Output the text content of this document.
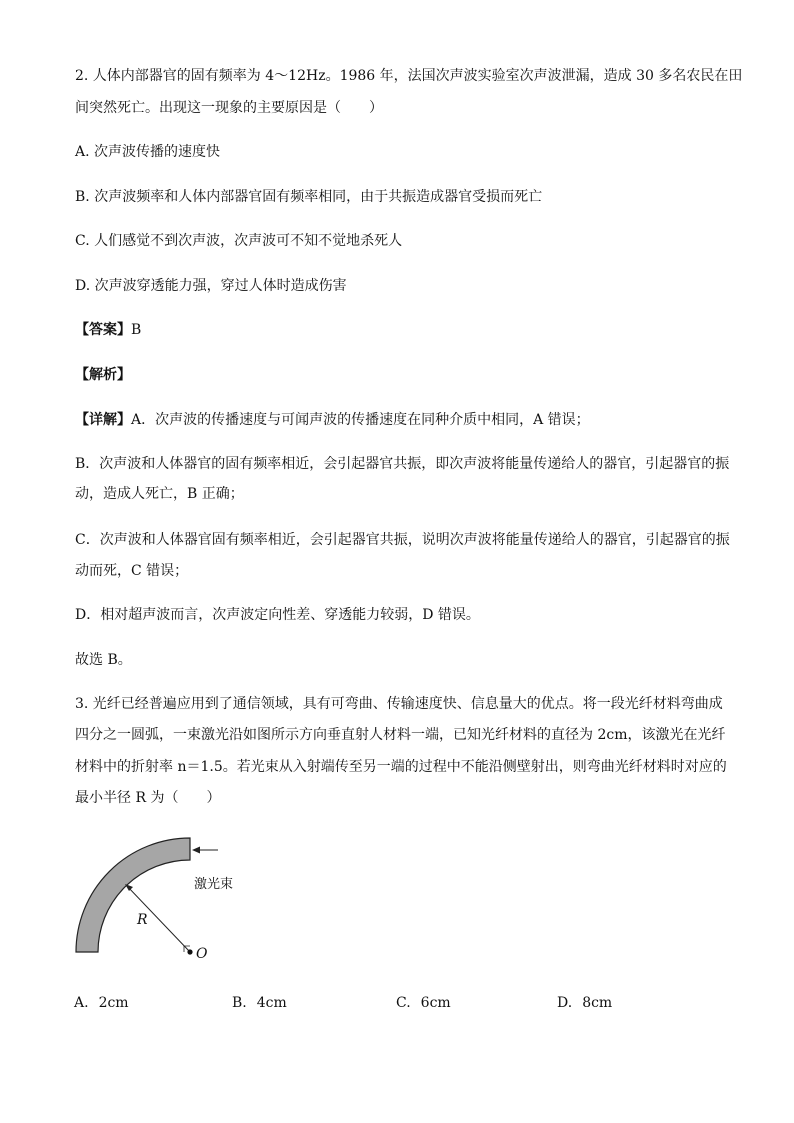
2. 人体内部器官的固有频率为 4～12Hz。1986 年，法国次声波实验室次声波泄漏，造成 30 多名农民在田
间突然死亡。出现这一现象的主要原因是（　　）
A. 次声波传播的速度快
B. 次声波频率和人体内部器官固有频率相同，由于共振造成器官受损而死亡
C. 人们感觉不到次声波，次声波可不知不觉地杀死人
D. 次声波穿透能力强，穿过人体时造成伤害
【答案】B
【解析】
【详解】A．次声波的传播速度与可闻声波的传播速度在同种介质中相同，A 错误；
B．次声波和人体器官的固有频率相近，会引起器官共振，即次声波将能量传递给人的器官，引起器官的振
动，造成人死亡，B 正确；
C．次声波和人体器官固有频率相近，会引起器官共振，说明次声波将能量传递给人的器官，引起器官的振
动而死，C 错误；
D．相对超声波而言，次声波定向性差、穿透能力较弱，D 错误。
故选 B。
3. 光纤已经普遍应用到了通信领域，具有可弯曲、传输速度快、信息量大的优点。将一段光纤材料弯曲成
四分之一圆弧，一束激光沿如图所示方向垂直射人材料一端，已知光纤材料的直径为 2cm，该激光在光纤
材料中的折射率 n＝1.5。若光束从入射端传至另一端的过程中不能沿侧壁射出，则弯曲光纤材料时对应的
最小半径 R 为（　　）
激光束
R
O
A. 2cm	B. 4cm	C. 6cm	D. 8cm
